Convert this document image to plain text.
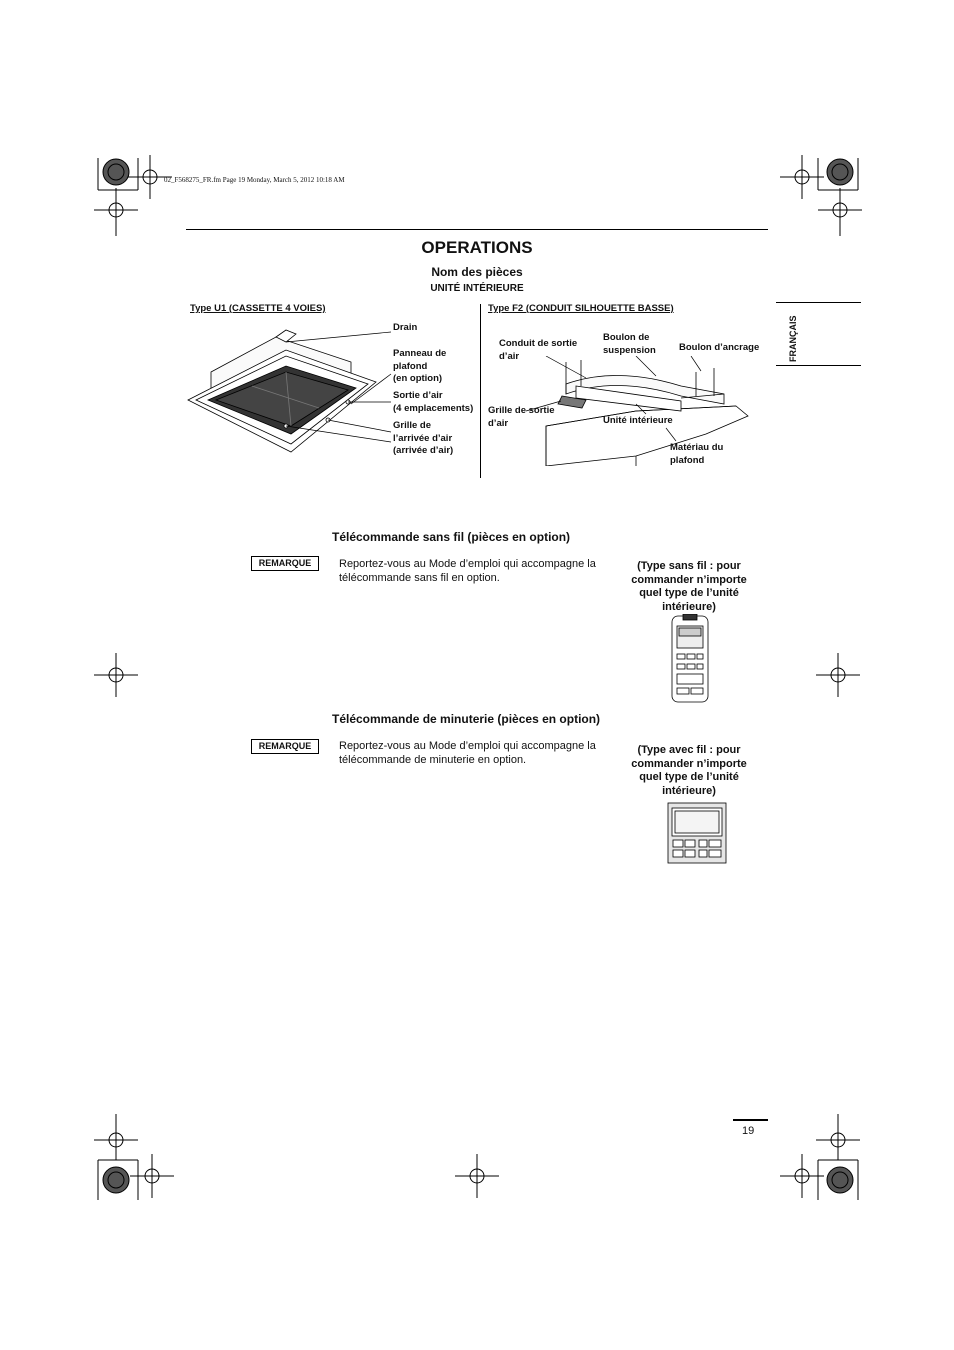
02_F568275_FR.fm Page 19 Monday, March 5, 2012 10:18 AM
OPERATIONS
Nom des pièces
UNITÉ INTÉRIEURE
FRANÇAIS
Type U1 (CASSETTE 4 VOIES)
Drain
Panneau de
plafond
(en option)
Sortie d’air
(4 emplacements)
Grille de
l’arrivée d’air
(arrivée d’air)
Type F2 (CONDUIT SILHOUETTE BASSE)
Conduit de sortie
d’air
Boulon de
suspension Boulon d’ancrage
Grille de sortie
d’air	Unité intérieure
Matériau du
plafond
Télécommande sans fil (pièces en option)
REMARQUE	Reportez-vous au Mode d’emploi qui accompagne la
télécommande sans fil en option.
(Type sans fil : pour
commander n’importe
quel type de l’unité
intérieure)
Télécommande de minuterie (pièces en option)
REMARQUE	Reportez-vous au Mode d’emploi qui accompagne la
télécommande de minuterie en option.
(Type avec fil : pour
commander n’importe
quel type de l’unité
intérieure)
19
